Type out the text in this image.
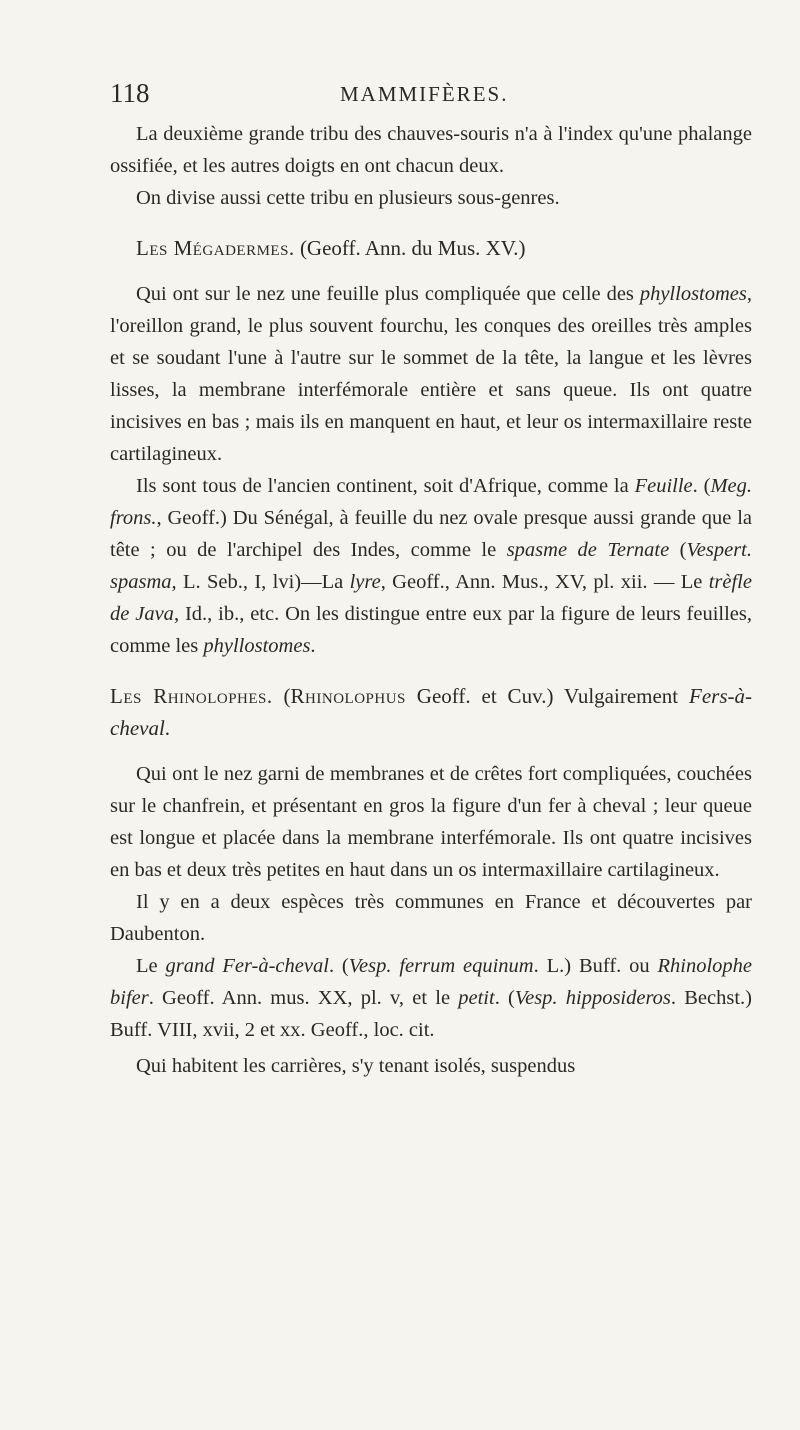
118	MAMMIFÈRES.

La deuxième grande tribu des chauves-souris n'a à l'index qu'une phalange ossifiée, et les autres doigts en ont chacun deux.

On divise aussi cette tribu en plusieurs sous-genres.

Les Mégadermes. (Geoff. Ann. du Mus. XV.)

Qui ont sur le nez une feuille plus compliquée que celle des phyllostomes, l'oreillon grand, le plus souvent fourchu, les conques des oreilles très amples et se soudant l'une à l'autre sur le sommet de la tête, la langue et les lèvres lisses, la membrane interfémorale entière et sans queue. Ils ont quatre incisives en bas ; mais ils en manquent en haut, et leur os intermaxillaire reste cartilagineux.

Ils sont tous de l'ancien continent, soit d'Afrique, comme la Feuille. (Meg. frons., Geoff.) Du Sénégal, à feuille du nez ovale presque aussi grande que la tête ; ou de l'archipel des Indes, comme le spasme de Ternate (Vespert. spasma, L. Seb., I, lvi)—La lyre, Geoff., Ann. Mus., XV, pl. xii. — Le trèfle de Java, Id., ib., etc. On les distingue entre eux par la figure de leurs feuilles, comme les phyllostomes.

Les Rhinolophes. (Rhinolophus Geoff. et Cuv.) Vulgairement Fers-à-cheval.

Qui ont le nez garni de membranes et de crêtes fort compliquées, couchées sur le chanfrein, et présentant en gros la figure d'un fer à cheval ; leur queue est longue et placée dans la membrane interfémorale. Ils ont quatre incisives en bas et deux très petites en haut dans un os intermaxillaire cartilagineux.

Il y en a deux espèces très communes en France et découvertes par Daubenton.

Le grand Fer-à-cheval. (Vesp. ferrum equinum. L.) Buff. ou Rhinolophe bifer. Geoff. Ann. mus. XX, pl. v, et le petit. (Vesp. hipposideros. Bechst.) Buff. VIII, xvii, 2 et xx. Geoff., loc. cit.

Qui habitent les carrières, s'y tenant isolés, suspendus
